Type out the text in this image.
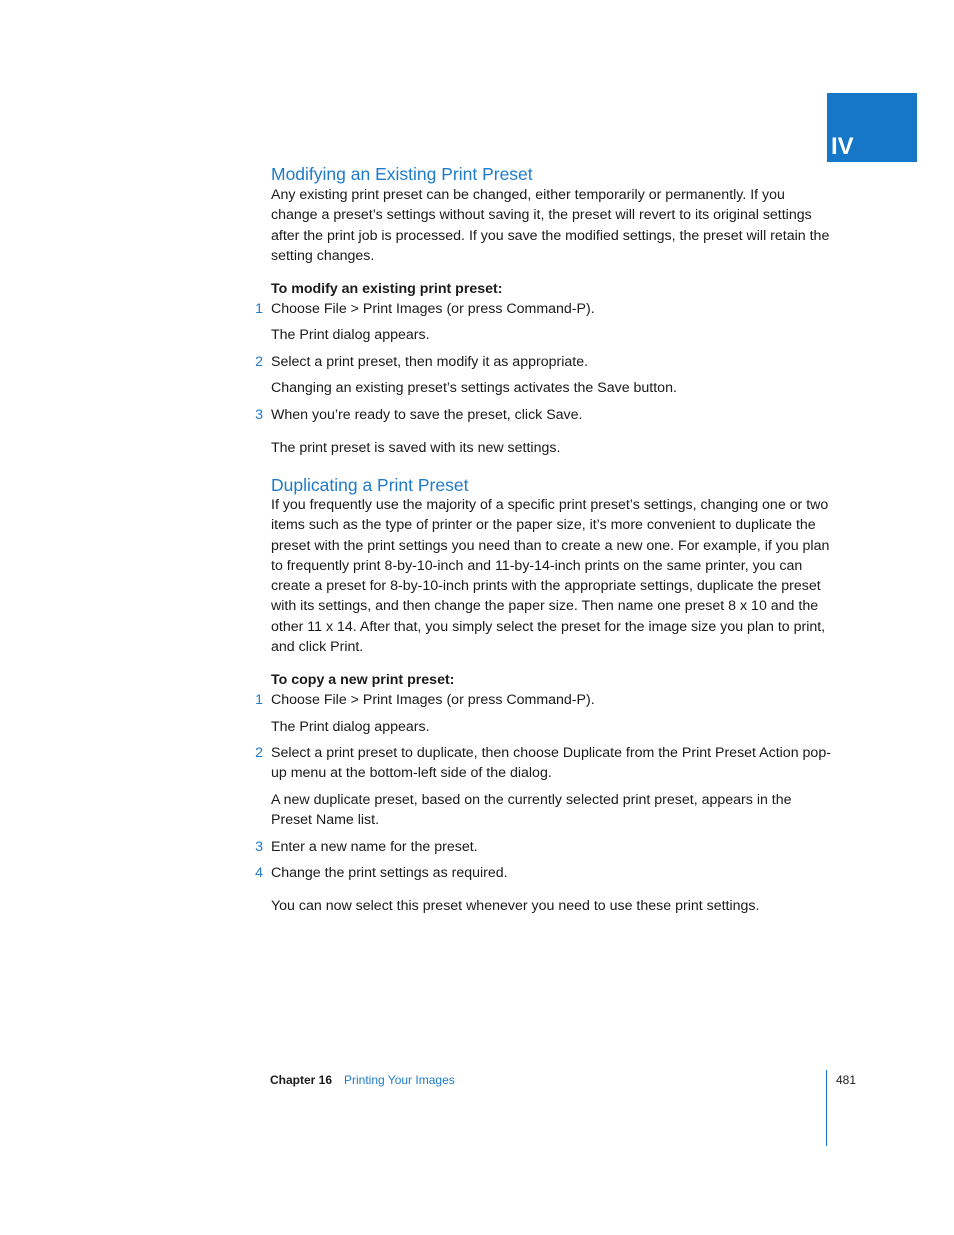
IV
Modifying an Existing Print Preset

Any existing print preset can be changed, either temporarily or permanently. If you change a preset’s settings without saving it, the preset will revert to its original settings after the print job is processed. If you save the modified settings, the preset will retain the setting changes.

To modify an existing print preset:
1 Choose File > Print Images (or press Command-P).
The Print dialog appears.
2 Select a print preset, then modify it as appropriate.
Changing an existing preset’s settings activates the Save button.
3 When you’re ready to save the preset, click Save.
The print preset is saved with its new settings.
Duplicating a Print Preset

If you frequently use the majority of a specific print preset’s settings, changing one or two items such as the type of printer or the paper size, it’s more convenient to duplicate the preset with the print settings you need than to create a new one. For example, if you plan to frequently print 8-by-10-inch and 11-by-14-inch prints on the same printer, you can create a preset for 8-by-10-inch prints with the appropriate settings, duplicate the preset with its settings, and then change the paper size. Then name one preset 8 x 10 and the other 11 x 14. After that, you simply select the preset for the image size you plan to print, and click Print.

To copy a new print preset:
1 Choose File > Print Images (or press Command-P).
The Print dialog appears.
2 Select a print preset to duplicate, then choose Duplicate from the Print Preset Action pop-up menu at the bottom-left side of the dialog.

A new duplicate preset, based on the currently selected print preset, appears in the Preset Name list.

3 Enter a new name for the preset.
4 Change the print settings as required.
You can now select this preset whenever you need to use these print settings.
Chapter 16 Printing Your Images	481
